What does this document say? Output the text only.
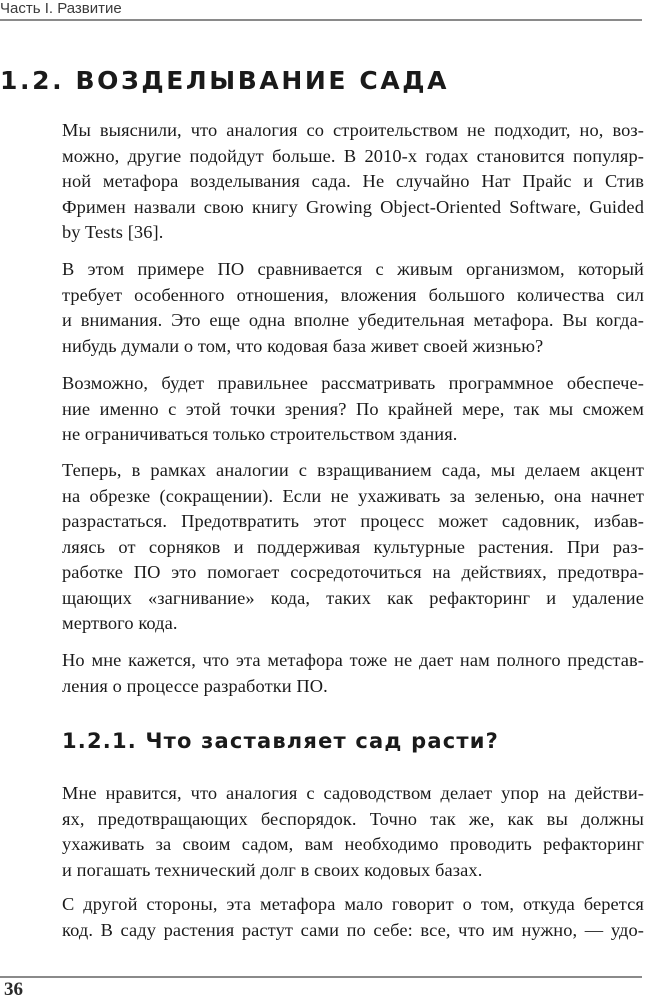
Часть I. Развитие
1.2. ВОЗДЕЛЫВАНИЕ САДА

Мы выяснили, что аналогия со строительством не подходит, но, воз-
можно, другие подойдут больше. В 2010-х годах становится популяр-
ной метафора возделывания сада. Не случайно Нат Прайс и Стив
Фримен назвали свою книгу Growing Object-Oriented Software, Guided
by Tests [36].

В этом примере ПО сравнивается с живым организмом, который
требует особенного отношения, вложения большого количества сил
и внимания. Это еще одна вполне убедительная метафора. Вы когда-
нибудь думали о том, что кодовая база живет своей жизнью?

Возможно, будет правильнее рассматривать программное обеспече-
ние именно с этой точки зрения? По крайней мере, так мы сможем
не ограничиваться только строительством здания.

Теперь, в рамках аналогии с взращиванием сада, мы делаем акцент
на обрезке (сокращении). Если не ухаживать за зеленью, она начнет
разрастаться. Предотвратить этот процесс может садовник, избав-
ляясь от сорняков и поддерживая культурные растения. При раз-
работке ПО это помогает сосредоточиться на действиях, предотвра-
щающих «загнивание» кода, таких как рефакторинг и удаление
мертвого кода.

Но мне кажется, что эта метафора тоже не дает нам полного представ-
ления о процессе разработки ПО.

1.2.1. Что заставляет сад расти?

Мне нравится, что аналогия с садоводством делает упор на действи-
ях, предотвращающих беспорядок. Точно так же, как вы должны
ухаживать за своим садом, вам необходимо проводить рефакторинг
и погашать технический долг в своих кодовых базах.

С другой стороны, эта метафора мало говорит о том, откуда берется
код. В саду растения растут сами по себе: все, что им нужно, — удо-

36
